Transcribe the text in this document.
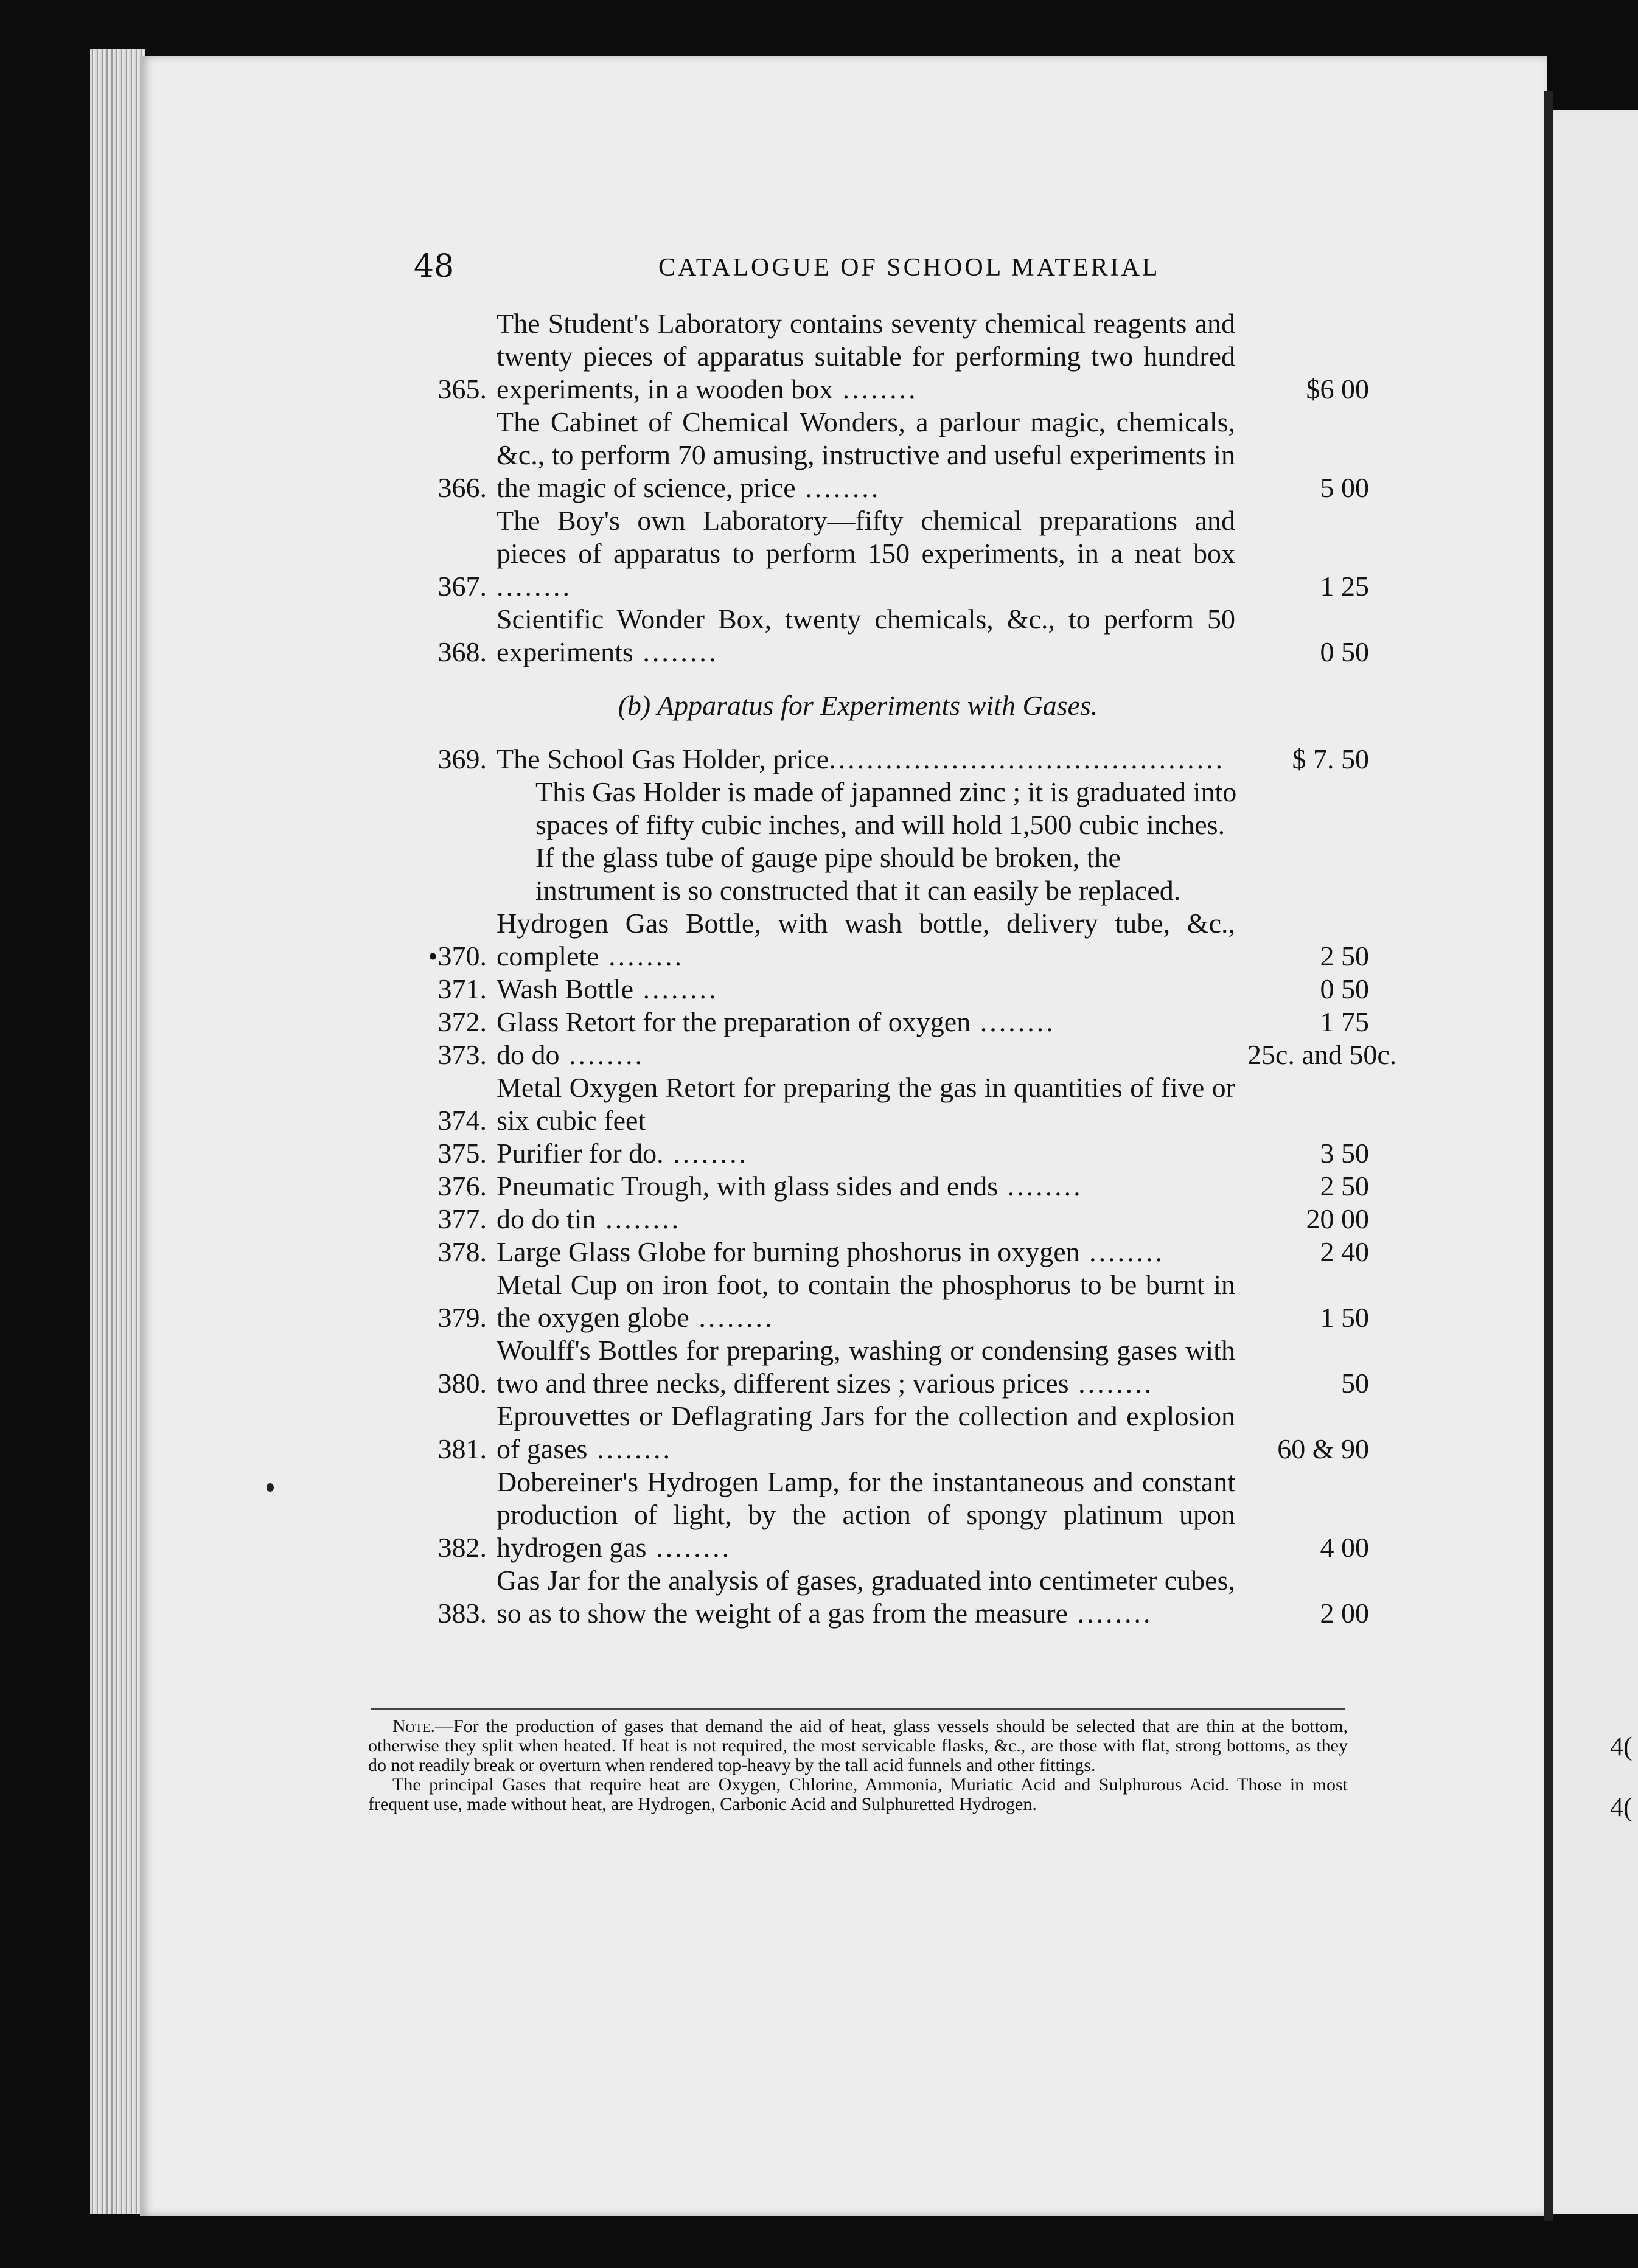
4(
4(
48	CATALOGUE OF SCHOOL MATERIAL
365.
The Student's Laboratory contains seventy chemical reagents and twenty pieces of apparatus suitable for performing two hundred experiments, in a wooden box ........	$6 00
366.
The Cabinet of Chemical Wonders, a parlour magic, chemicals, &c., to perform 70 amusing, instructive and useful experiments in the magic of science, price ........	5 00
367.
The Boy's own Laboratory—fifty chemical preparations and pieces of apparatus to perform 150 experiments, in a neat box ........	1 25
368.
Scientific Wonder Box, twenty chemicals, &c., to perform 50 experiments ........	0 50
(b) Apparatus for Experiments with Gases.
369. The School Gas Holder, price..........................................	$ 7. 50
This Gas Holder is made of japanned zinc ; it is graduated into spaces of fifty cubic inches, and will hold 1,500 cubic inches. If the glass tube of gauge pipe should be broken, the instrument is so constructed that it can easily be replaced.
•370.
Hydrogen Gas Bottle, with wash bottle, delivery tube, &c., complete ........	2 50
371. Wash Bottle ........	0 50
372. Glass Retort for the preparation of oxygen ........	1 75
373. do do ........	25c. and 50c.
374.
Metal Oxygen Retort for preparing the gas in quantities of five or six cubic feet
375. Purifier for do. ........	3 50
376. Pneumatic Trough, with glass sides and ends ........	2 50
377. do do tin ........	20 00
378. Large Glass Globe for burning phoshorus in oxygen ........	2 40
379.
Metal Cup on iron foot, to contain the phosphorus to be burnt in the oxygen globe ........	1 50
380.
Woulff's Bottles for preparing, washing or condensing gases with two and three necks, different sizes ; various prices ........	50
381.
Eprouvettes or Deflagrating Jars for the collection and explosion of gases ........	60 & 90
382.
Dobereiner's Hydrogen Lamp, for the instantaneous and constant production of light, by the action of spongy platinum upon hydrogen gas ........	4 00
383.
Gas Jar for the analysis of gases, graduated into centimeter cubes, so as to show the weight of a gas from the measure ........	2 00

Note.—For the production of gases that demand the aid of heat, glass vessels should be selected that are thin at the bottom, otherwise they split when heated. If heat is not required, the most servicable flasks, &c., are those with flat, strong bottoms, as they do not readily break or overturn when rendered top-heavy by the tall acid funnels and other fittings.

The principal Gases that require heat are Oxygen, Chlorine, Ammonia, Muriatic Acid and Sulphurous Acid. Those in most frequent use, made without heat, are Hydrogen, Carbonic Acid and Sulphuretted Hydrogen.
